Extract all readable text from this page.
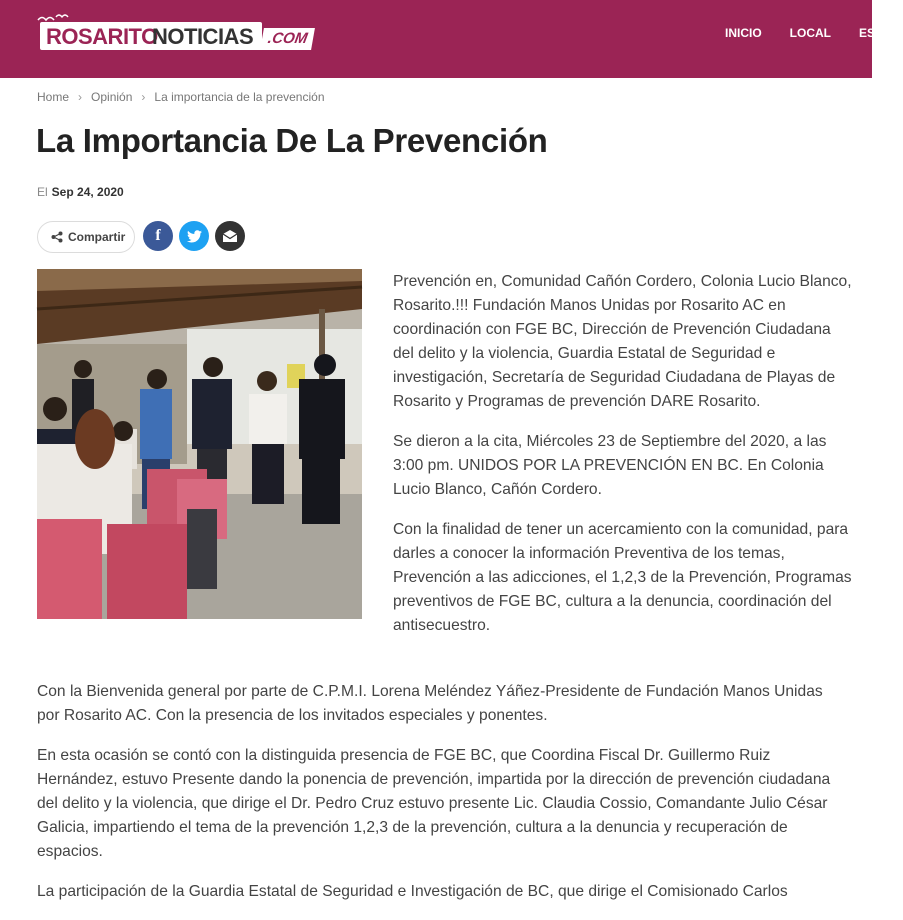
ROSARITO
NOTICIAS .COM	INICIO LOCAL ES
Home › Opinión › La importancia de la prevención
La Importancia De La Prevención
El Sep 24, 2020
Compartir f

Prevención en, Comunidad Cañón Cordero, Colonia Lucio Blanco, Rosarito.!!! Fundación Manos Unidas por Rosarito AC en coordinación con FGE BC, Dirección de Prevención Ciudadana del delito y la violencia, Guardia Estatal de Seguridad e investigación, Secretaría de Seguridad Ciudadana de Playas de Rosarito y Programas de prevención DARE Rosarito.

Se dieron a la cita, Miércoles 23 de Septiembre del 2020, a las 3:00 pm. UNIDOS POR LA PREVENCIÓN EN BC. En Colonia Lucio Blanco, Cañón Cordero.

Con la finalidad de tener un acercamiento con la comunidad, para darles a conocer la información Preventiva de los temas, Prevención a las adicciones, el 1,2,3 de la Prevención, Programas preventivos de FGE BC, cultura a la denuncia, coordinación del antisecuestro.

Con la Bienvenida general por parte de C.P.M.I. Lorena Meléndez Yáñez-Presidente de Fundación Manos Unidas por Rosarito AC. Con la presencia de los invitados especiales y ponentes.

En esta ocasión se contó con la distinguida presencia de FGE BC, que Coordina Fiscal Dr. Guillermo Ruiz Hernández, estuvo Presente dando la ponencia de prevención, impartida por la dirección de prevención ciudadana del delito y la violencia, que dirige el Dr. Pedro Cruz estuvo presente Lic. Claudia Cossio, Comandante Julio César Galicia, impartiendo el tema de la prevención 1,2,3 de la prevención, cultura a la denuncia y recuperación de espacios.

La participación de la Guardia Estatal de Seguridad e Investigación de BC, que dirige el Comisionado Carlos
